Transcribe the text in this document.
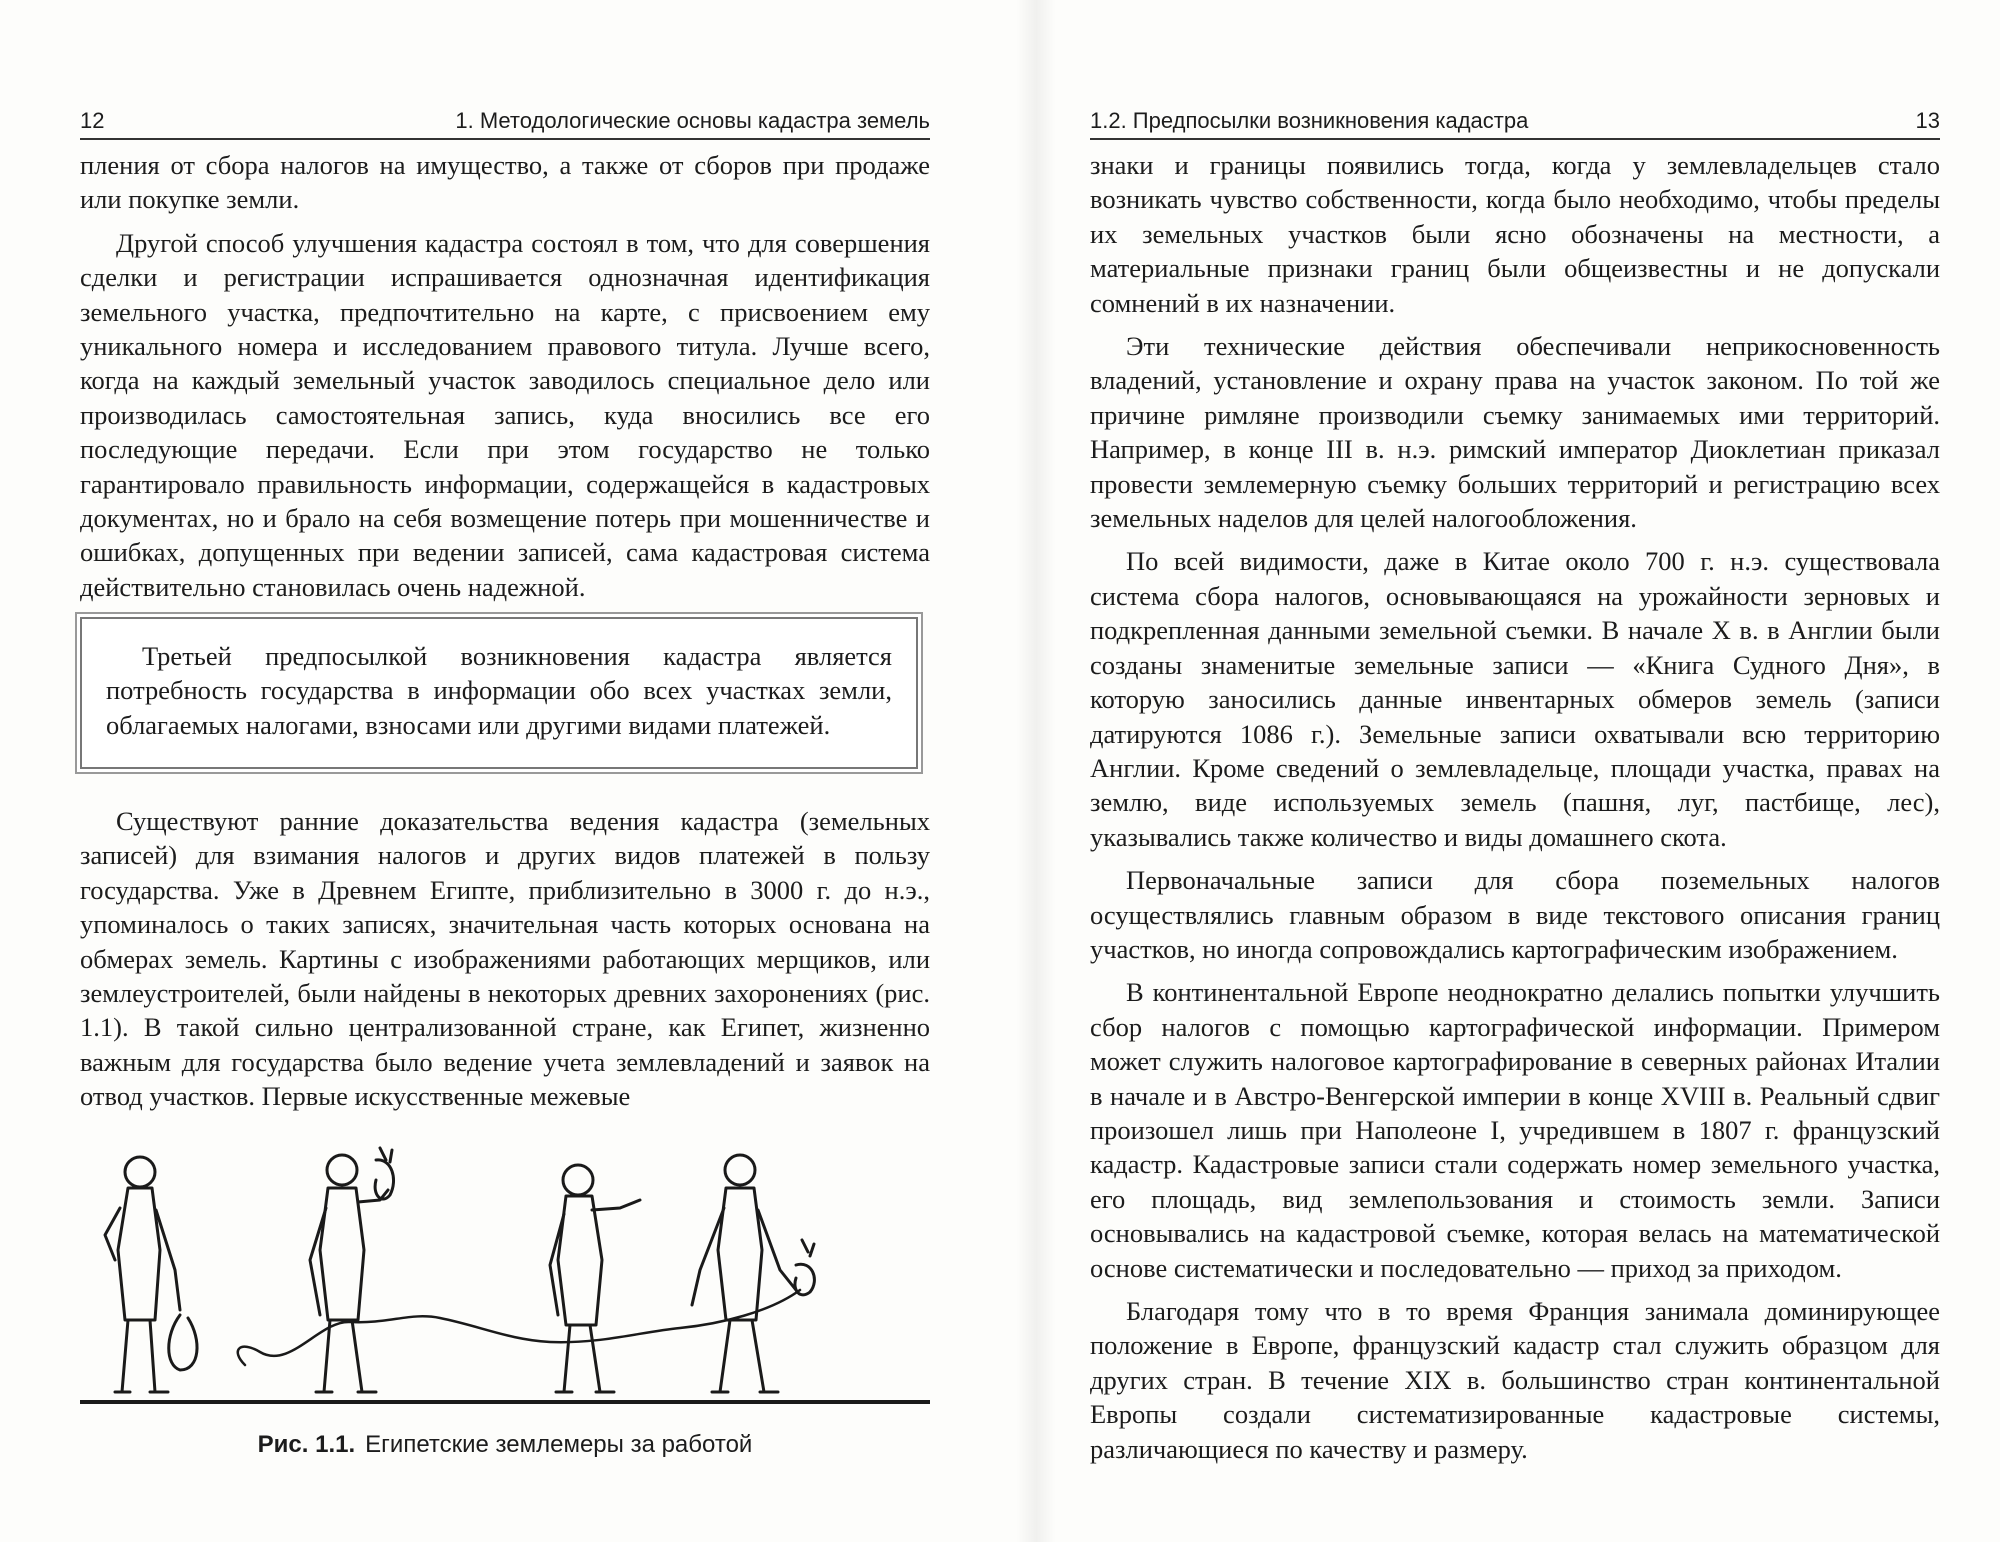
12	1. Методологические основы кадастра земель

пления от сбора налогов на имущество, а также от сборов при продаже или покупке земли.

Другой способ улучшения кадастра состоял в том, что для совершения сделки и регистрации испрашивается однозначная идентификация земельного участка, предпочтительно на карте, с присвоением ему уникального номера и исследованием правового титула. Лучше всего, когда на каждый земельный участок заводилось специальное дело или производилась самостоятельная запись, куда вносились все его последующие передачи. Если при этом государство не только гарантировало правильность информации, содержащейся в кадастровых документах, но и брало на себя возмещение потерь при мошенничестве и ошибках, допущенных при ведении записей, сама кадастровая система действительно становилась очень надежной.

Третьей предпосылкой возникновения кадастра является потребность государства в информации обо всех участках земли, облагаемых налогами, взносами или другими видами платежей.

Существуют ранние доказательства ведения кадастра (земельных записей) для взимания налогов и других видов платежей в пользу государства. Уже в Древнем Египте, приблизительно в 3000 г. до н.э., упоминалось о таких записях, значительная часть которых основана на обмерах земель. Картины с изображениями работающих мерщиков, или землеустроителей, были найдены в некоторых древних захоронениях (рис. 1.1). В такой сильно централизованной стране, как Египет, жизненно важным для государства было ведение учета землевладений и заявок на отвод участков. Первые искусственные межевые

Рис. 1.1. Египетские землемеры за работой
1.2. Предпосылки возникновения кадастра	13

знаки и границы появились тогда, когда у землевладельцев стало возникать чувство собственности, когда было необходимо, чтобы пределы их земельных участков были ясно обозначены на местности, а материальные признаки границ были общеизвестны и не допускали сомнений в их назначении.

Эти технические действия обеспечивали неприкосновенность владений, установление и охрану права на участок законом. По той же причине римляне производили съемку занимаемых ими территорий. Например, в конце III в. н.э. римский император Диоклетиан приказал провести землемерную съемку больших территорий и регистрацию всех земельных наделов для целей налогообложения.

По всей видимости, даже в Китае около 700 г. н.э. существовала система сбора налогов, основывающаяся на урожайности зерновых и подкрепленная данными земельной съемки. В начале X в. в Англии были созданы знаменитые земельные записи — «Книга Судного Дня», в которую заносились данные инвентарных обмеров земель (записи датируются 1086 г.). Земельные записи охватывали всю территорию Англии. Кроме сведений о землевладельце, площади участка, правах на землю, виде используемых земель (пашня, луг, пастбище, лес), указывались также количество и виды домашнего скота.

Первоначальные записи для сбора поземельных налогов осуществлялись главным образом в виде текстового описания границ участков, но иногда сопровождались картографическим изображением.

В континентальной Европе неоднократно делались попытки улучшить сбор налогов с помощью картографической информации. Примером может служить налоговое картографирование в северных районах Италии в начале и в Австро-Венгерской империи в конце XVIII в. Реальный сдвиг произошел лишь при Наполеоне I, учредившем в 1807 г. французский кадастр. Кадастровые записи стали содержать номер земельного участка, его площадь, вид землепользования и стоимость земли. Записи основывались на кадастровой съемке, которая велась на математической основе систематически и последовательно — приход за приходом.

Благодаря тому что в то время Франция занимала доминирующее положение в Европе, французский кадастр стал служить образцом для других стран. В течение XIX в. большинство стран континентальной Европы создали систематизированные кадастровые системы, различающиеся по качеству и размеру.
